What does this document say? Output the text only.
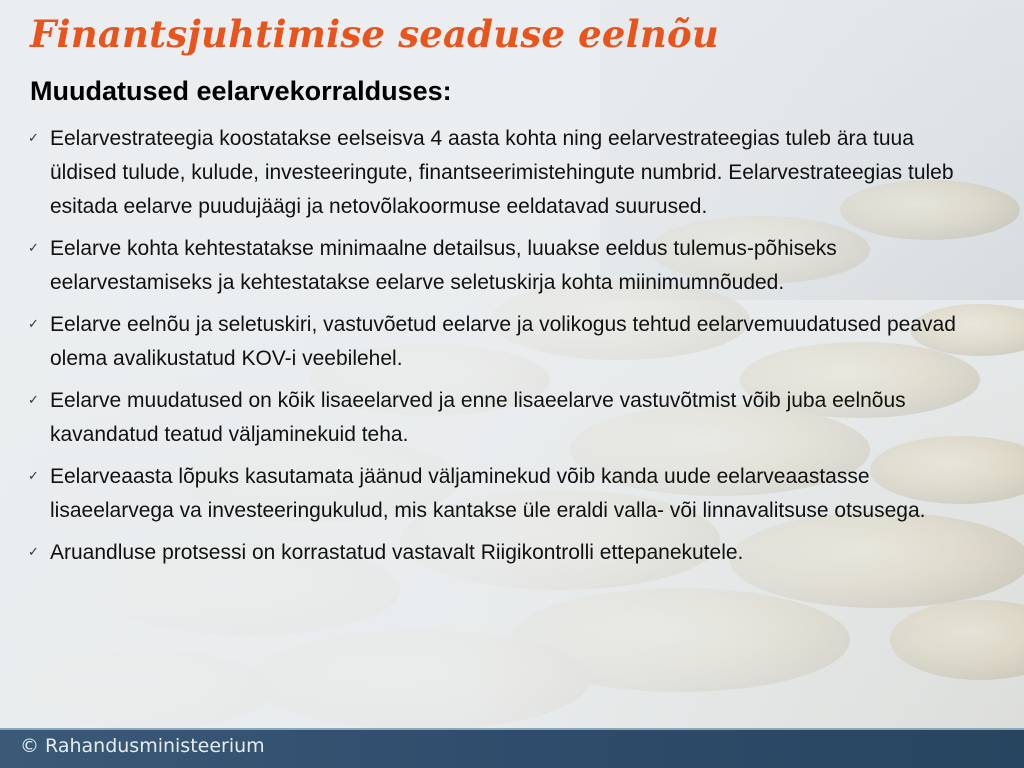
Finantsjuhtimise seaduse eelnõu
Muudatused eelarvekorralduses:
✓ Eelarvestrateegia koostatakse eelseisva 4 aasta kohta ning eelarvestrateegias tuleb ära tuua üldised tulude, kulude, investeeringute, finantseerimistehingute numbrid. Eelarvestrateegias tuleb esitada eelarve puudujäägi ja netovõlakoormuse eeldatavad suurused.
✓ Eelarve kohta kehtestatakse minimaalne detailsus, luuakse eeldus tulemus-põhiseks eelarvestamiseks ja kehtestatakse eelarve seletuskirja kohta miinimumnõuded.
✓ Eelarve eelnõu ja seletuskiri, vastuvõetud eelarve ja volikogus tehtud eelarvemuudatused peavad olema avalikustatud KOV-i veebilehel.
✓ Eelarve muudatused on kõik lisaeelarved ja enne lisaeelarve vastuvõtmist võib juba eelnõus kavandatud teatud väljaminekuid teha.
✓ Eelarveaasta lõpuks kasutamata jäänud väljaminekud võib kanda uude eelarveaastasse lisaeelarvega va investeeringukulud, mis kantakse üle eraldi valla- või linnavalitsuse otsusega.
✓ Aruandluse protsessi on korrastatud vastavalt Riigikontrolli ettepanekutele.
© Rahandusministeerium
